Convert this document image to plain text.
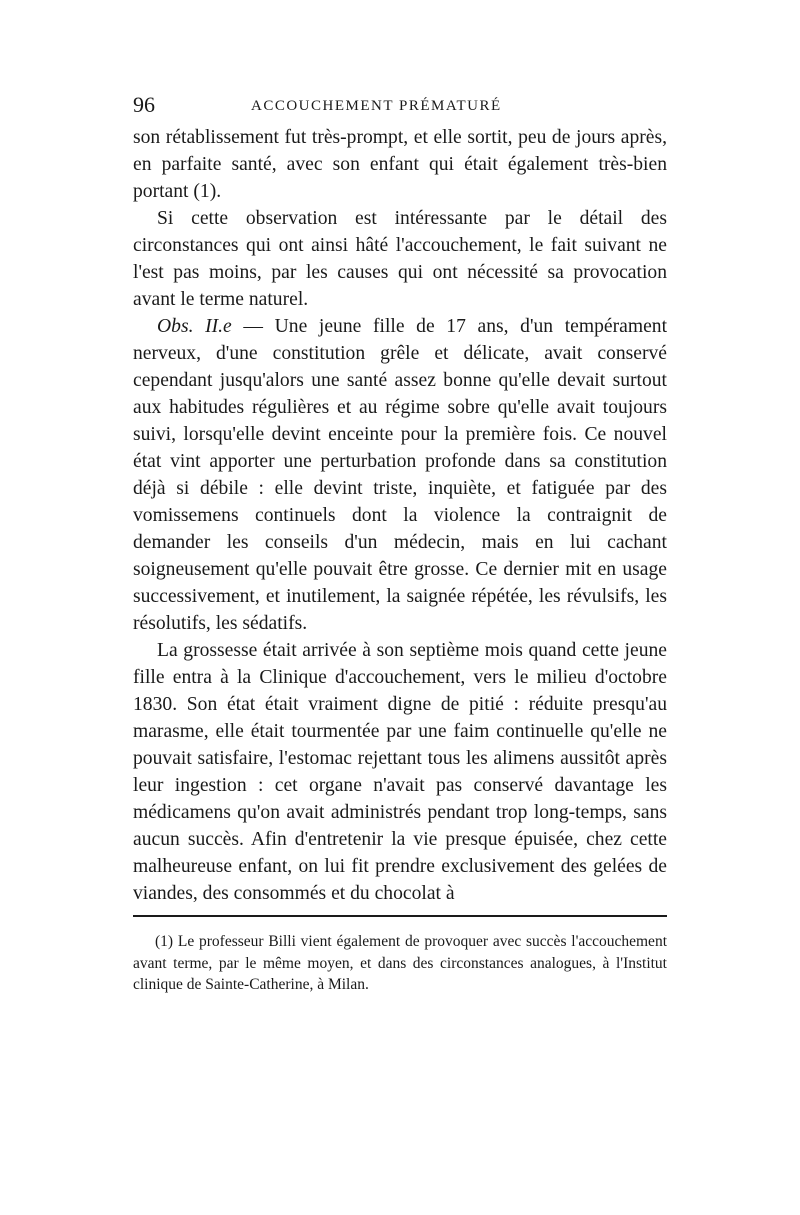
96	ACCOUCHEMENT PRÉMATURÉ

son rétablissement fut très-prompt, et elle sortit, peu de jours après, en parfaite santé, avec son enfant qui était également très-bien portant (1).

Si cette observation est intéressante par le détail des circonstances qui ont ainsi hâté l'accouchement, le fait suivant ne l'est pas moins, par les causes qui ont nécessité sa provocation avant le terme naturel.

Obs. II.e — Une jeune fille de 17 ans, d'un tempérament nerveux, d'une constitution grêle et délicate, avait conservé cependant jusqu'alors une santé assez bonne qu'elle devait surtout aux habitudes régulières et au régime sobre qu'elle avait toujours suivi, lorsqu'elle devint enceinte pour la première fois. Ce nouvel état vint apporter une perturbation profonde dans sa constitution déjà si débile : elle devint triste, inquiète, et fatiguée par des vomissemens continuels dont la violence la contraignit de demander les conseils d'un médecin, mais en lui cachant soigneusement qu'elle pouvait être grosse. Ce dernier mit en usage successivement, et inutilement, la saignée répétée, les révulsifs, les résolutifs, les sédatifs.

La grossesse était arrivée à son septième mois quand cette jeune fille entra à la Clinique d'accouchement, vers le milieu d'octobre 1830. Son état était vraiment digne de pitié : réduite presqu'au marasme, elle était tourmentée par une faim continuelle qu'elle ne pouvait satisfaire, l'estomac rejettant tous les alimens aussitôt après leur ingestion : cet organe n'avait pas conservé davantage les médicamens qu'on avait administrés pendant trop long-temps, sans aucun succès. Afin d'entretenir la vie presque épuisée, chez cette malheureuse enfant, on lui fit prendre exclusivement des gelées de viandes, des consommés et du chocolat à

(1) Le professeur Billi vient également de provoquer avec succès l'accouchement avant terme, par le même moyen, et dans des circonstances analogues, à l'Institut clinique de Sainte-Catherine, à Milan.
